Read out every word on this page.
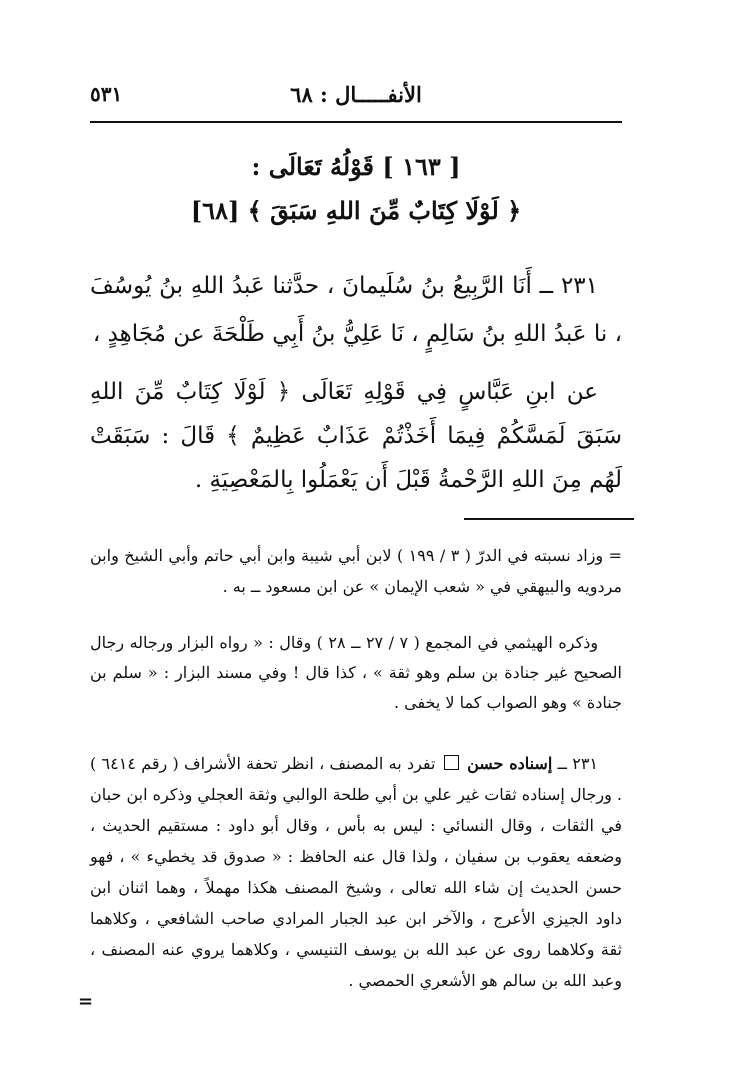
الأنفـــــال : ٦٨
٥٣١
[ ١٦٣ ] قَوْلُهُ تَعَالَى :
﴿ لَوْلَا كِتَابٌ مِّنَ اللهِ سَبَقَ ﴾ [٦٨]

٢٣١ ــ أَنَا الرَّبِيعُ بنُ سُلَيمانَ ، حدَّثنا عَبدُ اللهِ بنُ يُوسُفَ ، نا عَبدُ اللهِ بنُ سَالِمٍ ، نَا عَلِيُّ بنُ أَبِي طَلْحَةَ عن مُجَاهِدٍ ،

عن ابنِ عَبَّاسٍ فِي قَوْلِهِ تَعَالَى ﴿ لَوْلَا كِتَابٌ مِّنَ اللهِ سَبَقَ لَمَسَّكُمْ فِيمَا أَخَذْتُمْ عَذَابٌ عَظِيمٌ ﴾ قَالَ : سَبَقَتْ لَهُم مِنَ اللهِ الرَّحْمةُ قَبْلَ أَن يَعْمَلُوا بِالمَعْصِيَةِ .

= وزاد نسبته في الدرّ ( ٣ / ١٩٩ ) لابن أبي شيبة وابن أبي حاتم وأبي الشيخ وابن مردويه والبيهقي في « شعب الإيمان » عن ابن مسعود ــ به .

وذكره الهيثمي في المجمع ( ٧ / ٢٧ ــ ٢٨ ) وقال : « رواه البزار ورجاله رجال الصحيح غير جنادة بن سلم وهو ثقة » ، كذا قال ! وفي مسند البزار : « سلم بن جنادة » وهو الصواب كما لا يخفى .

٢٣١ ــ إسناده حسن  تفرد به المصنف ، انظر تحفة الأشراف ( رقم ٦٤١٤ ) . ورجال إسناده ثقات غير علي بن أبي طلحة الوالبي وثقة العجلي وذكره ابن حبان في الثقات ، وقال النسائي : ليس به بأس ، وقال أبو داود : مستقيم الحديث ، وضعفه يعقوب بن سفيان ، ولذا قال عنه الحافظ : « صدوق قد يخطيء » ، فهو حسن الحديث إن شاء الله تعالى ، وشيخ المصنف هكذا مهملاً ، وهما اثنان ابن داود الجيزي الأعرج ، والآخر ابن عبد الجبار المرادي صاحب الشافعي ، وكلاهما ثقة وكلاهما روى عن عبد الله بن يوسف التنيسي ، وكلاهما يروي عنه المصنف ، وعبد الله بن سالم هو الأشعري الحمصي .

=
